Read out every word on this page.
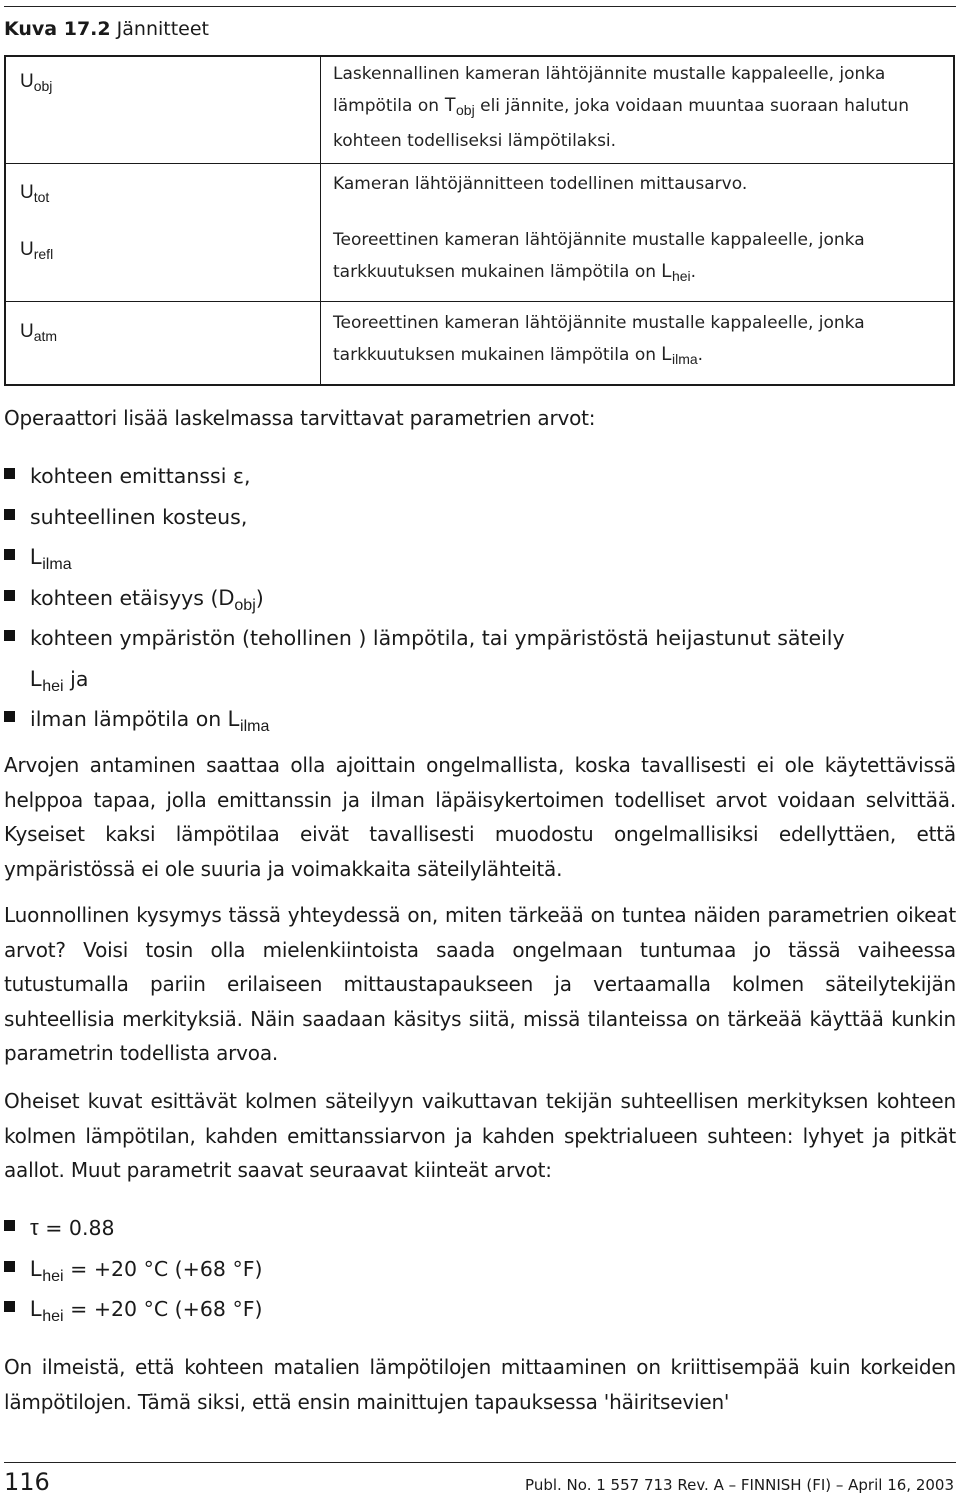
Kuva 17.2 Jännitteet
$U_{obj}$
$U_{tot}$
$U_{refl}$
$U_{atm}$
Laskennallinen kameran lähtöjännite mustalle kappaleelle, jonka
lämpötila on $T_{obj}$ eli jännite, joka voidaan muuntaa suoraan halutun
kohteen todelliseksi lämpötilaksi.
Kameran lähtöjännitteen todellinen mittausarvo.
Teoreettinen kameran lähtöjännite mustalle kappaleelle, jonka
tarkkuutuksen mukainen lämpötila on $L_{hei}$.
Teoreettinen kameran lähtöjännite mustalle kappaleelle, jonka
tarkkuutuksen mukainen lämpötila on $L_{ilma}$.
Operaattori lisää laskelmassa tarvittavat parametrien arvot:
kohteen emittanssi ε,
suhteellinen kosteus,
$L_{ilma}$
kohteen etäisyys $(D_{obj})$
kohteen ympäristön (tehollinen ) lämpötila, tai ympäristöstä heijastunut säteily
$L_{hei}$ ja
ilman lämpötila on $L_{ilma}$
Arvojen antaminen saattaa olla ajoittain ongelmallista, koska tavallisesti ei ole käytettävissä helppoa tapaa, jolla emittanssin ja ilman läpäisykertoimen todelliset arvot voidaan selvittää. Kyseiset kaksi lämpötilaa eivät tavallisesti muodostu ongelmallisiksi edellyttäen, että ympäristössä ei ole suuria ja voimakkaita säteilylähteitä.
Luonnollinen kysymys tässä yhteydessä on, miten tärkeää on tuntea näiden parametrien oikeat arvot? Voisi tosin olla mielenkiintoista saada ongelmaan tuntumaa jo tässä vaiheessa tutustumalla pariin erilaiseen mittaustapaukseen ja vertaamalla kolmen säteilytekijän suhteellisia merkityksiä. Näin saadaan käsitys siitä, missä tilanteissa on tärkeää käyttää kunkin parametrin todellista arvoa.
Oheiset kuvat esittävät kolmen säteilyyn vaikuttavan tekijän suhteellisen merkityksen kohteen kolmen lämpötilan, kahden emittanssiarvon ja kahden spektrialueen suhteen: lyhyet ja pitkät aallot. Muut parametrit saavat seuraavat kiinteät arvot:
τ = 0.88
$L_{hei} = +20$ °C (+68 °F)
$L_{hei} = +20$ °C (+68 °F)
On ilmeistä, että kohteen matalien lämpötilojen mittaaminen on kriittisempää kuin korkeiden lämpötilojen. Tämä siksi, että ensin mainittujen tapauksessa 'häiritsevien'
116	Publ. No. 1 557 713 Rev. A – FINNISH (FI) – April 16, 2003
